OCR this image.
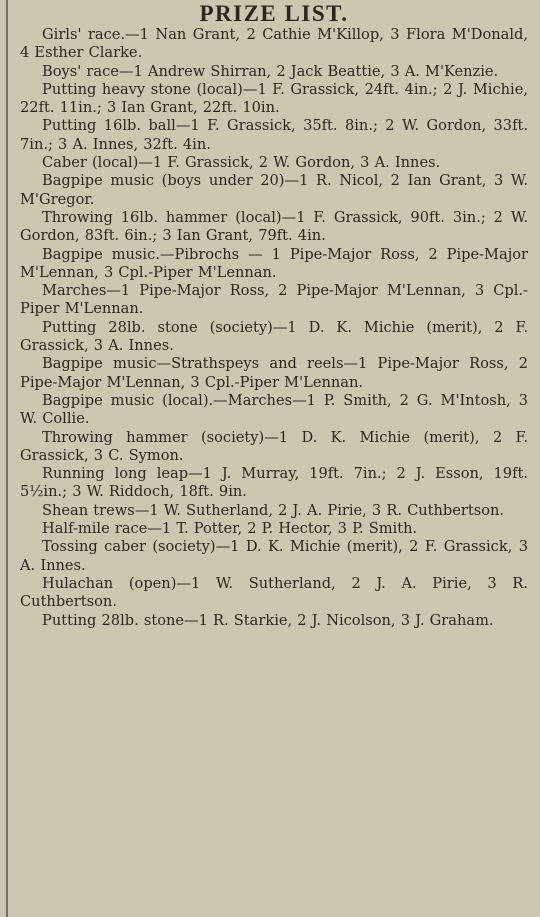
PRIZE LIST.

Girls' race.—1 Nan Grant, 2 Cathie M'Killop, 3 Flora M'Donald, 4 Esther Clarke.

Boys' race—1 Andrew Shirran, 2 Jack Beattie, 3 A. M'Kenzie.

Putting heavy stone (local)—1 F. Grassick, 24ft. 4in.; 2 J. Michie, 22ft. 11in.; 3 Ian Grant, 22ft. 10in.

Putting 16lb. ball—1 F. Grassick, 35ft. 8in.; 2 W. Gordon, 33ft. 7in.; 3 A. Innes, 32ft. 4in.

Caber (local)—1 F. Grassick, 2 W. Gordon, 3 A. Innes.

Bagpipe music (boys under 20)—1 R. Nicol, 2 Ian Grant, 3 W. M'Gregor.

Throwing 16lb. hammer (local)—1 F. Grassick, 90ft. 3in.; 2 W. Gordon, 83ft. 6in.; 3 Ian Grant, 79ft. 4in.

Bagpipe music.—Pibrochs — 1 Pipe-Major Ross, 2 Pipe-Major M'Lennan, 3 Cpl.-Piper M'Lennan.

Marches—1 Pipe-Major Ross, 2 Pipe-Major M'Lennan, 3 Cpl.-Piper M'Lennan.

Putting 28lb. stone (society)—1 D. K. Michie (merit), 2 F. Grassick, 3 A. Innes.

Bagpipe music—Strathspeys and reels—1 Pipe-Major Ross, 2 Pipe-Major M'Lennan, 3 Cpl.-Piper M'Lennan.

Bagpipe music (local).—Marches—1 P. Smith, 2 G. M'Intosh, 3 W. Collie.

Throwing hammer (society)—1 D. K. Michie (merit), 2 F. Grassick, 3 C. Symon.

Running long leap—1 J. Murray, 19ft. 7in.; 2 J. Esson, 19ft. 5½in.; 3 W. Riddoch, 18ft. 9in.

Shean trews—1 W. Sutherland, 2 J. A. Pirie, 3 R. Cuthbertson.

Half-mile race—1 T. Potter, 2 P. Hector, 3 P. Smith.

Tossing caber (society)—1 D. K. Michie (merit), 2 F. Grassick, 3 A. Innes.

Hulachan (open)—1 W. Sutherland, 2 J. A. Pirie, 3 R. Cuthbertson.

Putting 28lb. stone—1 R. Starkie, 2 J. Nicolson, 3 J. Graham.
